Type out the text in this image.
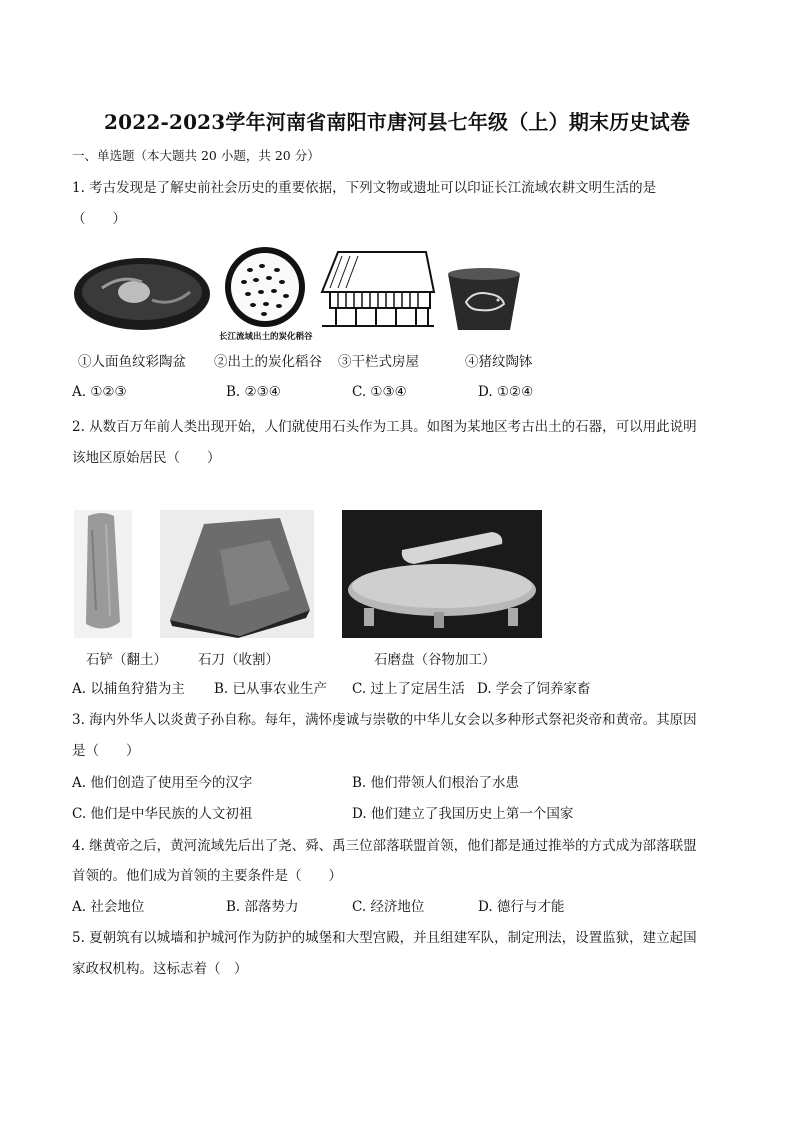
2022-2023学年河南省南阳市唐河县七年级（上）期末历史试卷
一、单选题（本大题共 20 小题，共 20 分）
1. 考古发现是了解史前社会历史的重要依据，下列文物或遗址可以印证长江流域农耕文明生活的是
（　　）
长江流域出土的炭化稻谷
①人面鱼纹彩陶盆 ②出土的炭化稻谷 ③干栏式房屋	④猪纹陶钵
A. ①②③	B. ②③④	C. ①③④	D. ①②④
2. 从数百万年前人类出现开始，人们就使用石头作为工具。如图为某地区考古出土的石器，可以用此说明
该地区原始居民（　　）
石铲（翻土） 石刀（收割）	石磨盘（谷物加工）
A. 以捕鱼狩猎为主 B. 已从事农业生产 C. 过上了定居生活 D. 学会了饲养家畜
3. 海内外华人以炎黄子孙自称。每年，满怀虔诚与崇敬的中华儿女会以多种形式祭祀炎帝和黄帝。其原因
是（　　）
A. 他们创造了使用至今的汉字	B. 他们带领人们根治了水患
C. 他们是中华民族的人文初祖	D. 他们建立了我国历史上第一个国家
4. 继黄帝之后，黄河流域先后出了尧、舜、禹三位部落联盟首领，他们都是通过推举的方式成为部落联盟
首领的。他们成为首领的主要条件是（　　）
A. 社会地位	B. 部落势力	C. 经济地位	D. 德行与才能
5. 夏朝筑有以城墙和护城河作为防护的城堡和大型宫殿，并且组建军队，制定刑法，设置监狱，建立起国
家政权机构。这标志着（　）
